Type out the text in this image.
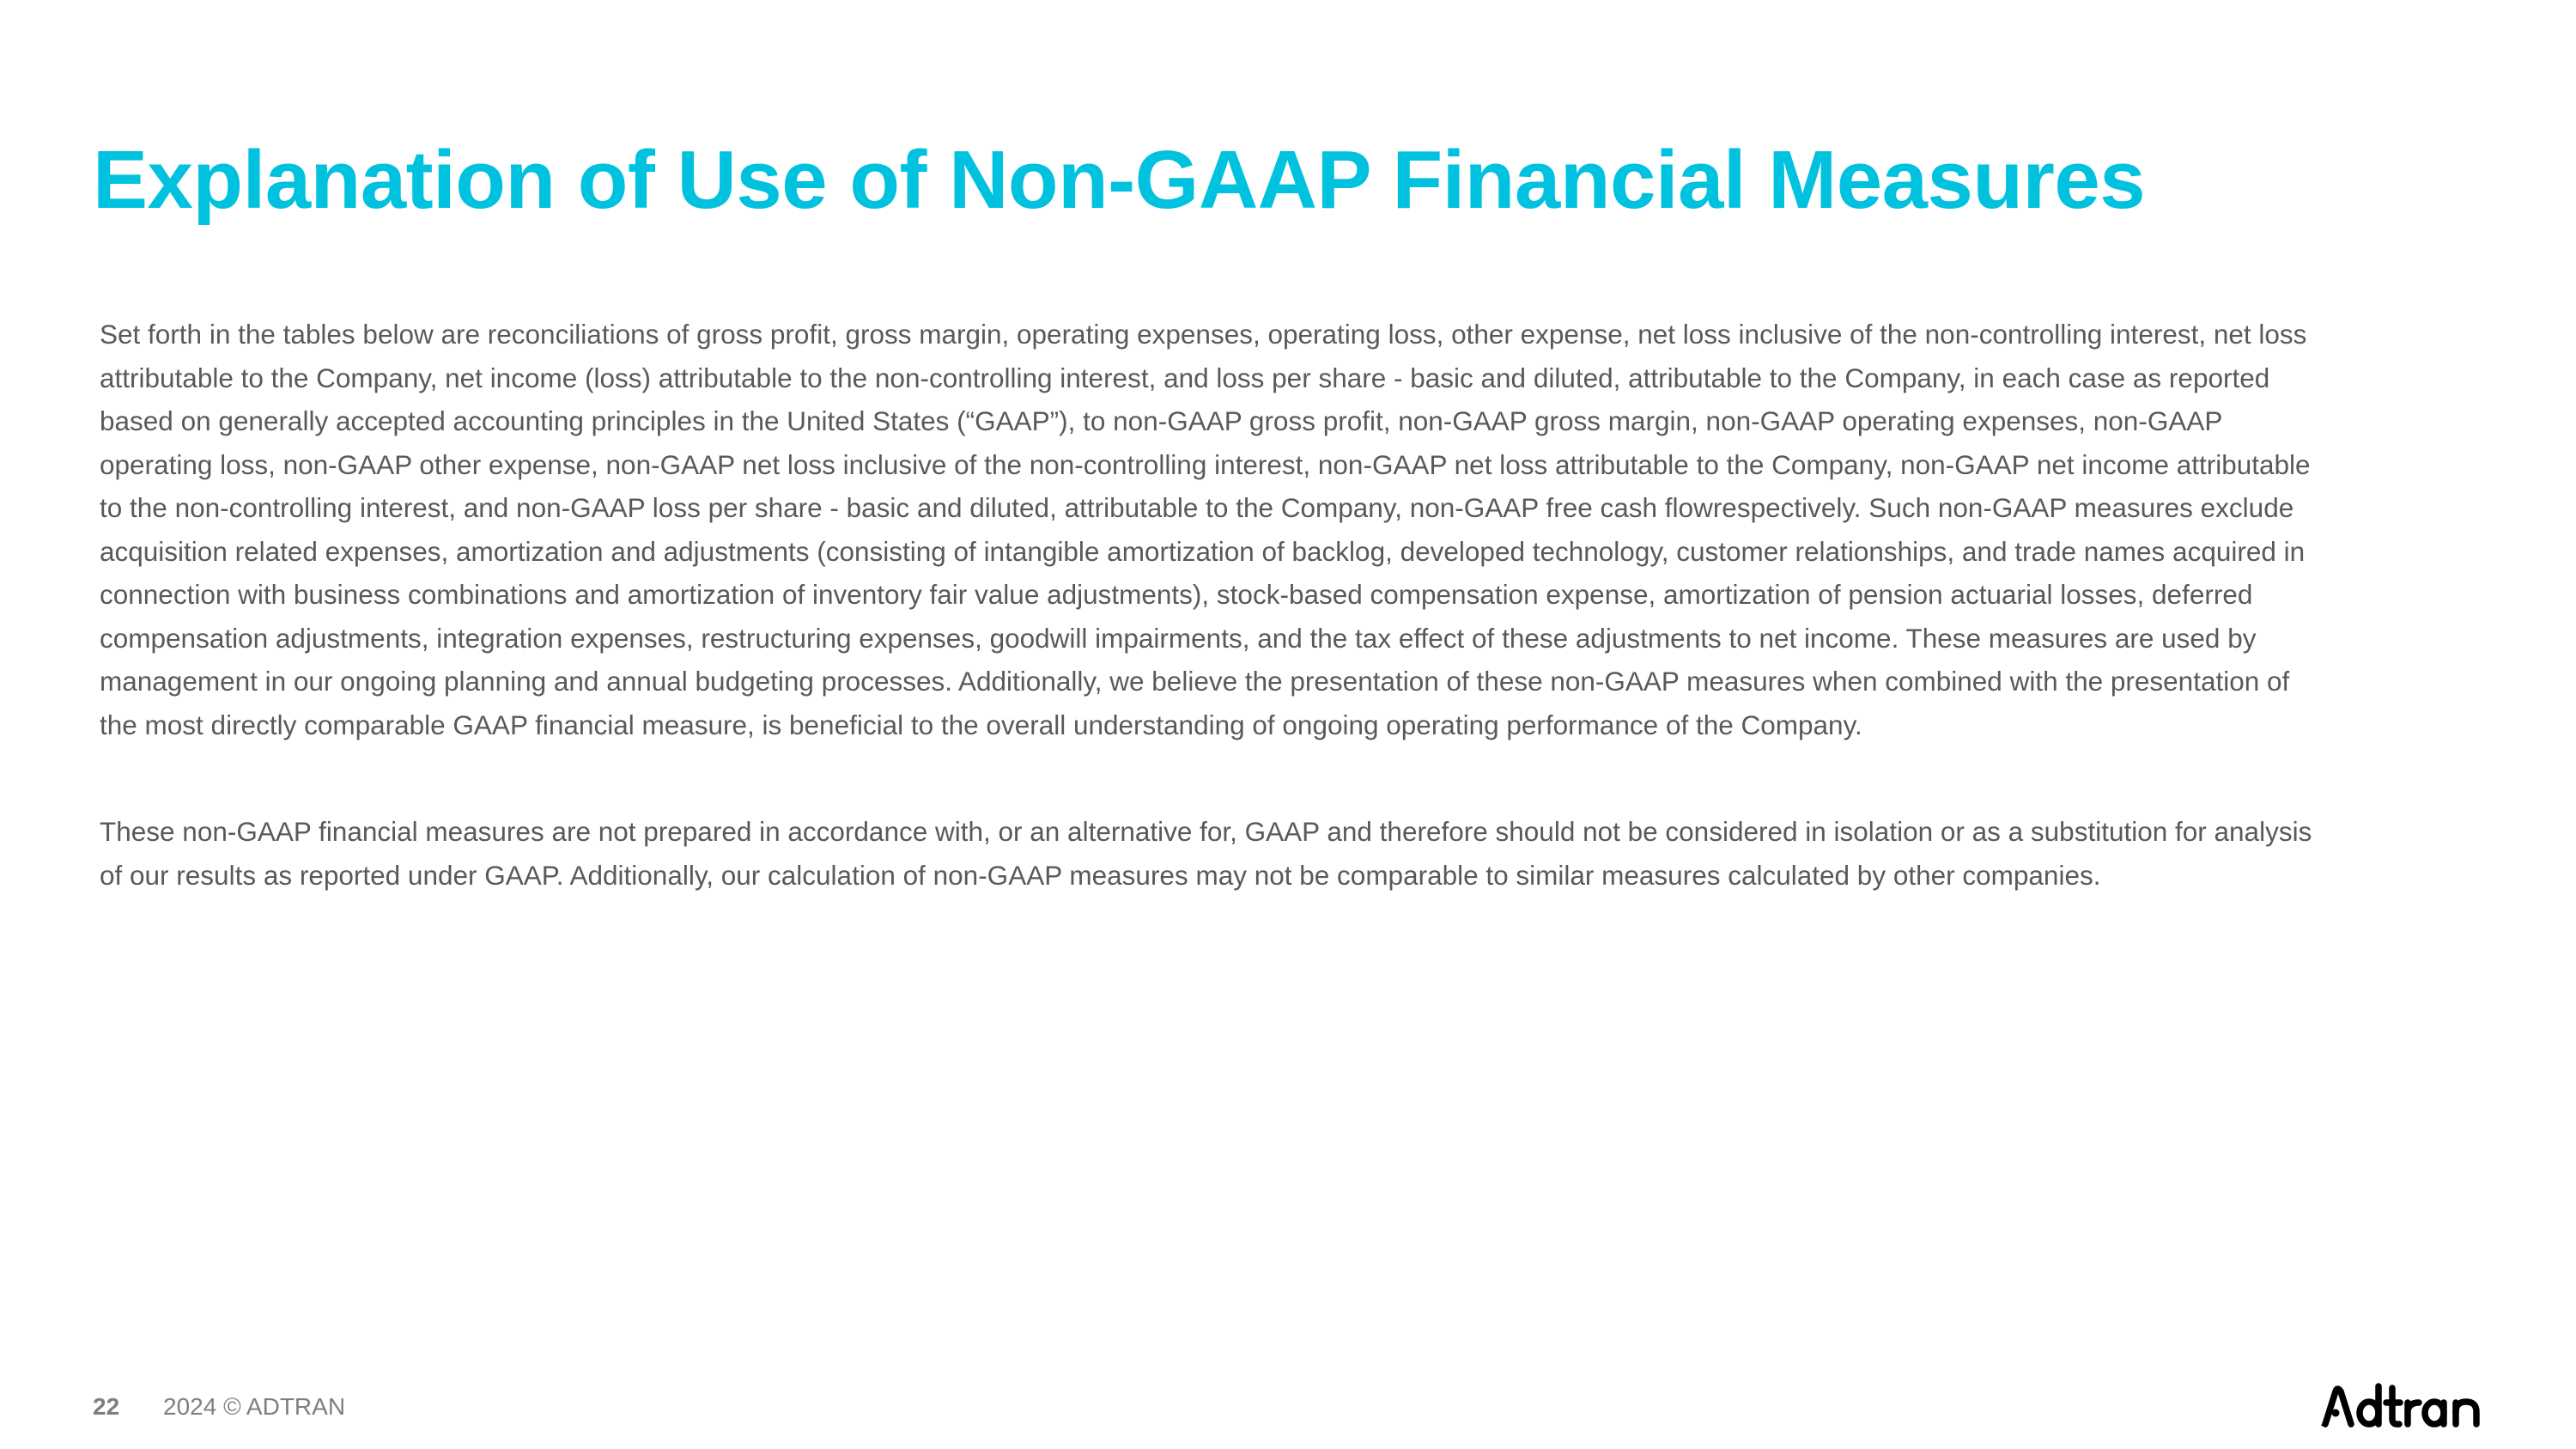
Explanation of Use of Non-GAAP Financial Measures

Set forth in the tables below are reconciliations of gross profit, gross margin, operating expenses, operating loss, other expense, net loss inclusive of the non-controlling interest, net loss
attributable to the Company, net income (loss) attributable to the non-controlling interest, and loss per share - basic and diluted, attributable to the Company, in each case as reported
based on generally accepted accounting principles in the United States (“GAAP”), to non-GAAP gross profit, non-GAAP gross margin, non-GAAP operating expenses, non-GAAP
operating loss, non-GAAP other expense, non-GAAP net loss inclusive of the non-controlling interest, non-GAAP net loss attributable to the Company, non-GAAP net income attributable
to the non-controlling interest, and non-GAAP loss per share - basic and diluted, attributable to the Company, non-GAAP free cash flowrespectively. Such non-GAAP measures exclude
acquisition related expenses, amortization and adjustments (consisting of intangible amortization of backlog, developed technology, customer relationships, and trade names acquired in
connection with business combinations and amortization of inventory fair value adjustments), stock-based compensation expense, amortization of pension actuarial losses, deferred
compensation adjustments, integration expenses, restructuring expenses, goodwill impairments, and the tax effect of these adjustments to net income. These measures are used by
management in our ongoing planning and annual budgeting processes. Additionally, we believe the presentation of these non-GAAP measures when combined with the presentation of
the most directly comparable GAAP financial measure, is beneficial to the overall understanding of ongoing operating performance of the Company.

These non-GAAP financial measures are not prepared in accordance with, or an alternative for, GAAP and therefore should not be considered in isolation or as a substitution for analysis
of our results as reported under GAAP. Additionally, our calculation of non-GAAP measures may not be comparable to similar measures calculated by other companies.

22 2024 © ADTRAN
